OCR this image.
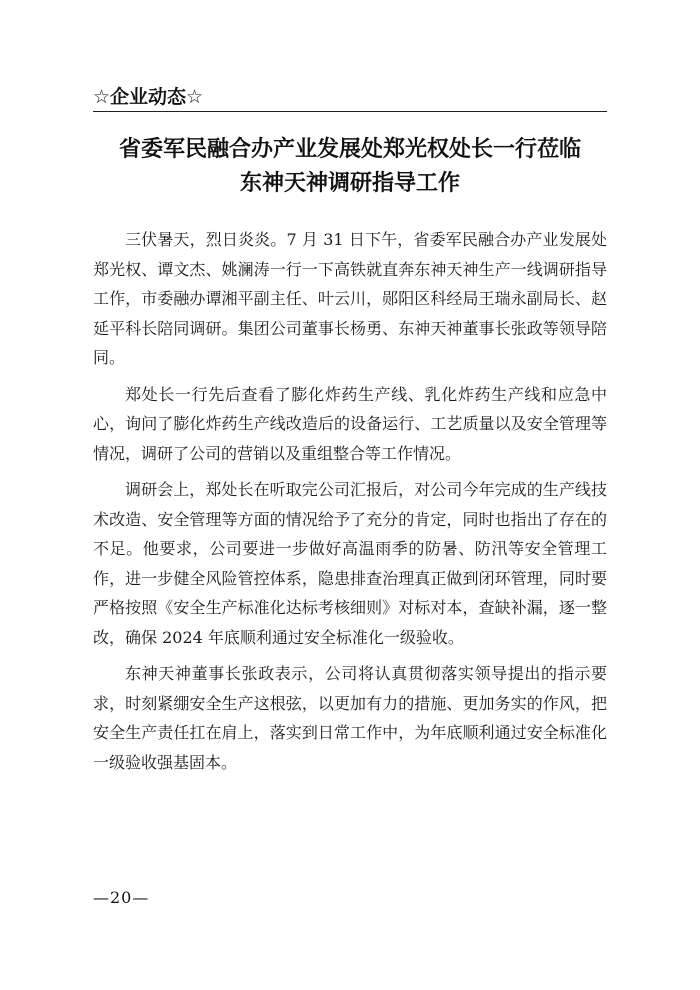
☆企业动态☆
省委军民融合办产业发展处郑光权处长一行莅临
东神天神调研指导工作

三伏暑天，烈日炎炎。7 月 31 日下午，省委军民融合办产业发展处郑光权、谭文杰、姚澜涛一行一下高铁就直奔东神天神生产一线调研指导工作，市委融办谭湘平副主任、叶云川，郧阳区科经局王瑞永副局长、赵延平科长陪同调研。集团公司董事长杨勇、东神天神董事长张政等领导陪同。

郑处长一行先后查看了膨化炸药生产线、乳化炸药生产线和应急中心，询问了膨化炸药生产线改造后的设备运行、工艺质量以及安全管理等情况，调研了公司的营销以及重组整合等工作情况。

调研会上，郑处长在听取完公司汇报后，对公司今年完成的生产线技术改造、安全管理等方面的情况给予了充分的肯定，同时也指出了存在的不足。他要求，公司要进一步做好高温雨季的防暑、防汛等安全管理工作，进一步健全风险管控体系，隐患排查治理真正做到闭环管理，同时要严格按照《安全生产标准化达标考核细则》对标对本，查缺补漏，逐一整改，确保 2024 年底顺利通过安全标准化一级验收。

东神天神董事长张政表示，公司将认真贯彻落实领导提出的指示要求，时刻紧绷安全生产这根弦，以更加有力的措施、更加务实的作风，把安全生产责任扛在肩上，落实到日常工作中，为年底顺利通过安全标准化一级验收强基固本。

—20—
